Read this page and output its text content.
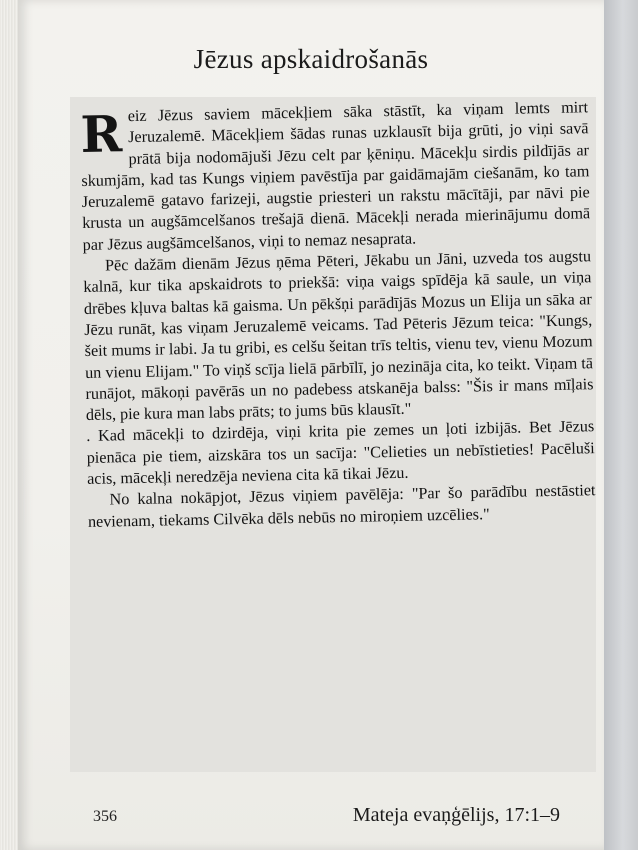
Jēzus apskaidrošanās

Reiz Jēzus saviem mācekļiem sāka stāstīt, ka viņam lemts mirt Jeruzalemē. Mācekļiem šādas runas uzklausīt bija grūti, jo viņi savā prātā bija nodomājuši Jēzu celt par ķēniņu. Mācekļu sirdis pildījās ar skumjām, kad tas Kungs viņiem pavēstīja par gaidāmajām ciešanām, ko tam Jeruzalemē gatavo farizeji, augstie priesteri un rakstu mācītāji, par nāvi pie krusta un augšāmcelšanos trešajā dienā. Mācekļi nerada mierinājumu domā par Jēzus augšāmcelšanos, viņi to nemaz nesaprata.

Pēc dažām dienām Jēzus ņēma Pēteri, Jēkabu un Jāni, uzveda tos augstu kalnā, kur tika apskaidrots to priekšā: viņa vaigs spīdēja kā saule, un viņa drēbes kļuva baltas kā gaisma. Un pēkšņi parādījās Mozus un Elija un sāka ar Jēzu runāt, kas viņam Jeruzalemē veicams. Tad Pēteris Jēzum teica: "Kungs, šeit mums ir labi. Ja tu gribi, es celšu šeitan trīs teltis, vienu tev, vienu Mozum un vienu Elijam." To viņš scīja lielā pārbīlī, jo nezināja cita, ko teikt. Viņam tā runājot, mākoņi pavērās un no padebess atskanēja balss: "Šis ir mans mīļais dēls, pie kura man labs prāts; to jums būs klausīt."

. Kad mācekļi to dzirdēja, viņi krita pie zemes un ļoti izbijās. Bet Jēzus pienāca pie tiem, aizskāra tos un sacīja: "Celieties un nebīstieties! Pacēluši acis, mācekļi neredzēja neviena cita kā tikai Jēzu.

No kalna nokāpjot, Jēzus viņiem pavēlēja: "Par šo parādību nestāstiet nevienam, tiekams Cilvēka dēls nebūs no miroņiem uzcēlies."

356	Mateja evaņģēlijs, 17:1–9
